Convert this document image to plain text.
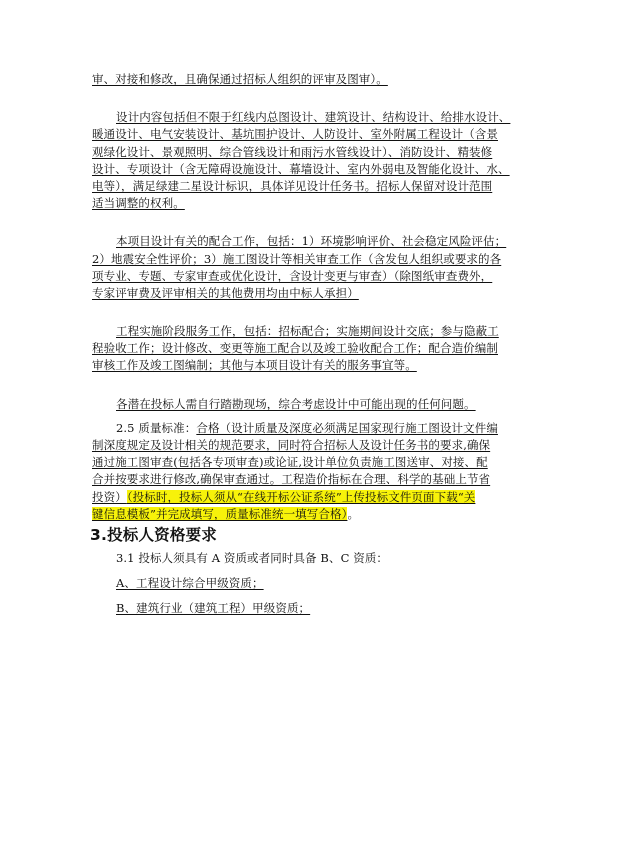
审、对接和修改，且确保通过招标人组织的评审及图审）。
设计内容包括但不限于红线内总图设计、建筑设计、结构设计、给排水设计、
暖通设计、电气安装设计、基坑围护设计、人防设计、室外附属工程设计（含景
观绿化设计、景观照明、综合管线设计和雨污水管线设计）、消防设计、精装修
设计、专项设计（含无障碍设施设计、幕墙设计、室内外弱电及智能化设计、水、
电等），满足绿建二星设计标识，具体详见设计任务书。招标人保留对设计范围
适当调整的权利。
本项目设计有关的配合工作，包括：1）环境影响评价、社会稳定风险评估；
2）地震安全性评价；3）施工图设计等相关审查工作（含发包人组织或要求的各
项专业、专题、专家审查或优化设计，含设计变更与审查）（除图纸审查费外，
专家评审费及评审相关的其他费用均由中标人承担）
工程实施阶段服务工作，包括：招标配合；实施期间设计交底；参与隐蔽工
程验收工作；设计修改、变更等施工配合以及竣工验收配合工作；配合造价编制
审核工作及竣工图编制；其他与本项目设计有关的服务事宜等。
各潜在投标人需自行踏勘现场，综合考虑设计中可能出现的任何问题。
2.5 质量标准：合格（设计质量及深度必须满足国家现行施工图设计文件编
制深度规定及设计相关的规范要求，同时符合招标人及设计任务书的要求,确保
通过施工图审查(包括各专项审查)或论证,设计单位负责施工图送审、对接、配
合并按要求进行修改,确保审查通过。工程造价指标在合理、科学的基础上节省
投资）（投标时，投标人须从“在线开标公证系统”上传投标文件页面下载“关
键信息模板”并完成填写，质量标准统一填写合格）。
3.投标人资格要求
3.1 投标人须具有 A 资质或者同时具备 B、C 资质：
A、工程设计综合甲级资质；
B、建筑行业（建筑工程）甲级资质；
